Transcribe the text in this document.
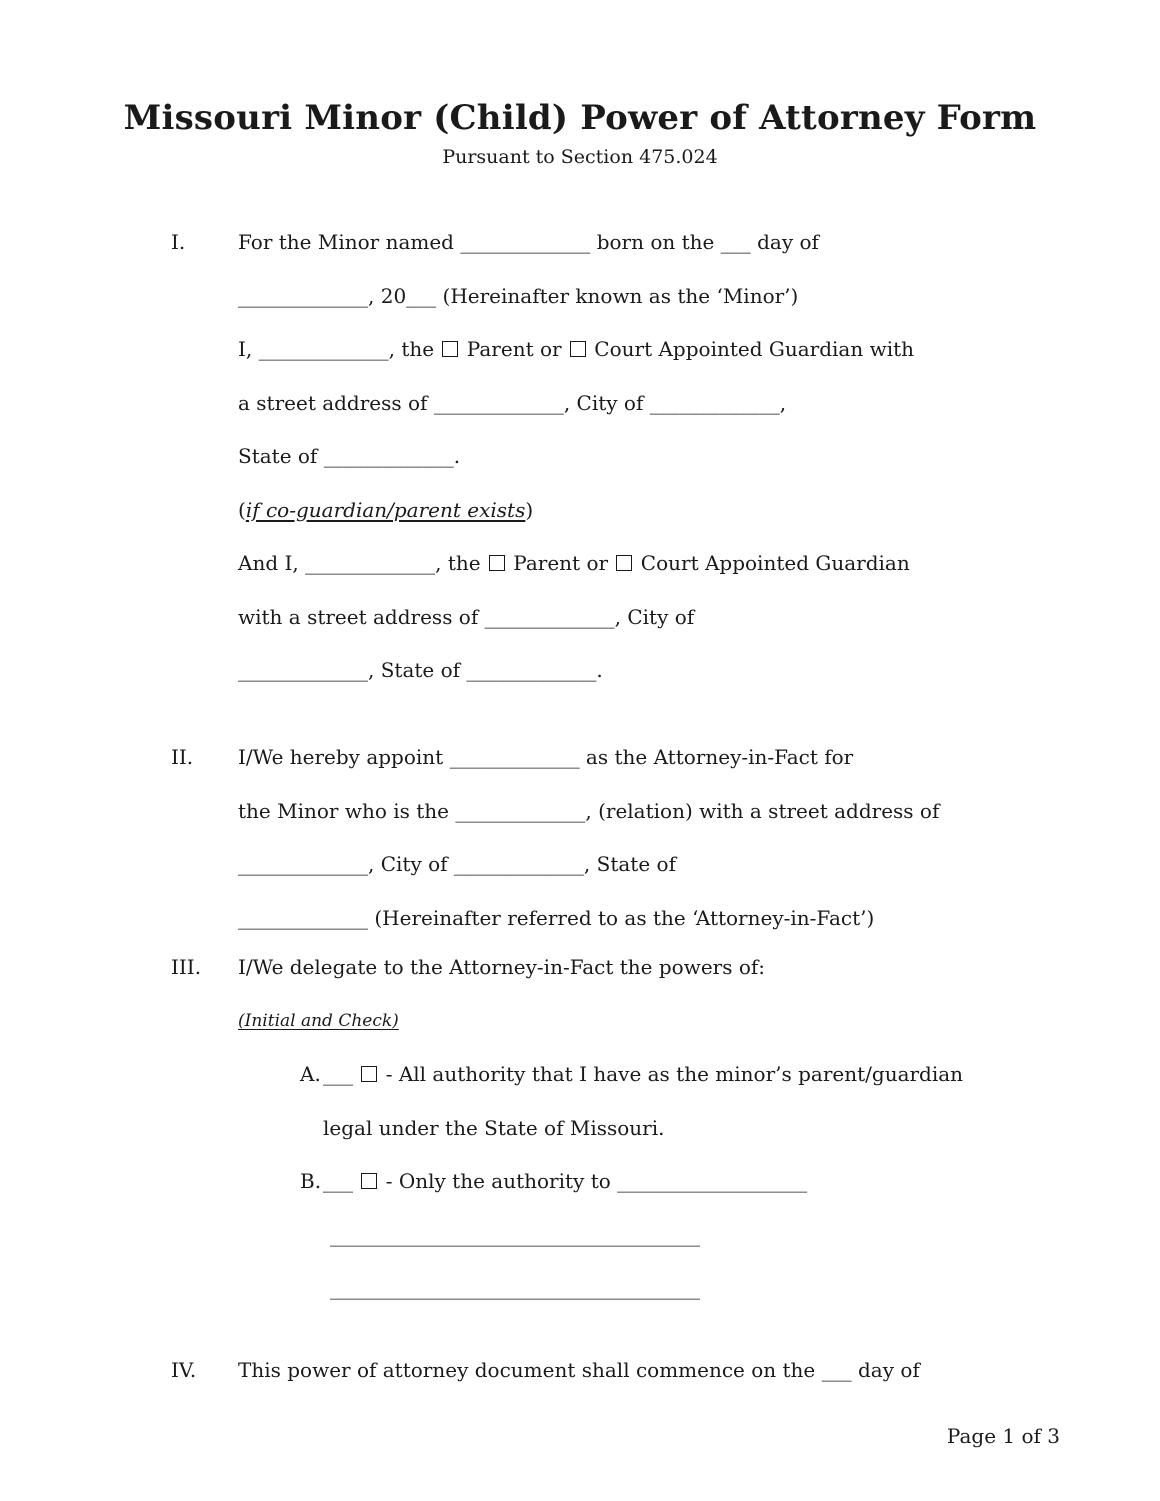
Missouri Minor (Child) Power of Attorney Form
Pursuant to Section 475.024
I.	For the Minor named _____________ born on the ___ day of
_____________, 20___ (Hereinafter known as the ‘Minor’)
I, _____________, the  Parent or  Court Appointed Guardian with
a street address of _____________, City of _____________,
State of _____________.
(if co-guardian/parent exists)
And I, _____________, the  Parent or  Court Appointed Guardian
with a street address of _____________, City of
_____________, State of _____________.
II. I/We hereby appoint _____________ as the Attorney-in-Fact for
the Minor who is the _____________, (relation) with a street address of
_____________, City of _____________, State of
_____________ (Hereinafter referred to as the ‘Attorney-in-Fact’)
III. I/We delegate to the Attorney-in-Fact the powers of:
(Initial and Check)
A. ___  - All authority that I have as the minor’s parent/guardian
legal under the State of Missouri.
B. ___  - Only the authority to ___________________
_____________________________________
_____________________________________
IV. This power of attorney document shall commence on the ___ day of
Page 1 of 3
